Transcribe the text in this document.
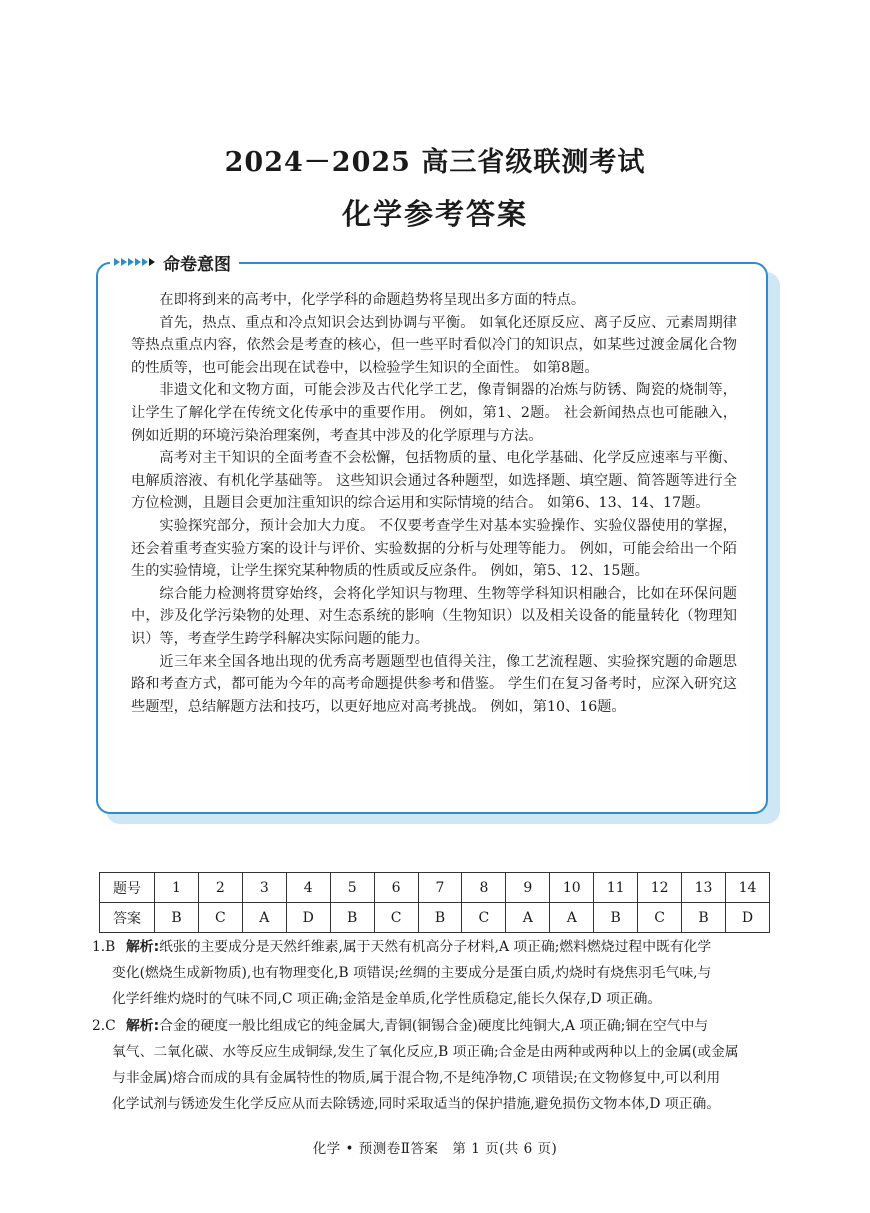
2024－2025 高三省级联测考试
化学参考答案
命卷意图

在即将到来的高考中，化学学科的命题趋势将呈现出多方面的特点。

首先，热点、重点和冷点知识会达到协调与平衡。 如氧化还原反应、离子反应、元素周期律等热点重点内容，依然会是考查的核心，但一些平时看似冷门的知识点，如某些过渡金属化合物的性质等，也可能会出现在试卷中，以检验学生知识的全面性。 如第8题。

非遗文化和文物方面，可能会涉及古代化学工艺，像青铜器的冶炼与防锈、陶瓷的烧制等，让学生了解化学在传统文化传承中的重要作用。 例如，第1、2题。 社会新闻热点也可能融入，例如近期的环境污染治理案例，考查其中涉及的化学原理与方法。

高考对主干知识的全面考查不会松懈，包括物质的量、电化学基础、化学反应速率与平衡、电解质溶液、有机化学基础等。 这些知识会通过各种题型，如选择题、填空题、简答题等进行全方位检测，且题目会更加注重知识的综合运用和实际情境的结合。 如第6、13、14、17题。

实验探究部分，预计会加大力度。 不仅要考查学生对基本实验操作、实验仪器使用的掌握，还会着重考查实验方案的设计与评价、实验数据的分析与处理等能力。 例如，可能会给出一个陌生的实验情境，让学生探究某种物质的性质或反应条件。 例如，第5、12、15题。

综合能力检测将贯穿始终，会将化学知识与物理、生物等学科知识相融合，比如在环保问题中，涉及化学污染物的处理、对生态系统的影响（生物知识）以及相关设备的能量转化（物理知识）等，考查学生跨学科解决实际问题的能力。

近三年来全国各地出现的优秀高考题题型也值得关注，像工艺流程题、实验探究题的命题思路和考查方式，都可能为今年的高考命题提供参考和借鉴。 学生们在复习备考时，应深入研究这些题型，总结解题方法和技巧，以更好地应对高考挑战。 例如，第10、16题。

题号	1	2	3	4	5	6	7	8	9	10	11	12	13	14
答案	B	C	A	D	B	C	B	C	A	A	B	C	B	D
1.B 解析:纸张的主要成分是天然纤维素,属于天然有机高分子材料,A 项正确;燃料燃烧过程中既有化学
变化(燃烧生成新物质),也有物理变化,B 项错误;丝绸的主要成分是蛋白质,灼烧时有烧焦羽毛气味,与
化学纤维灼烧时的气味不同,C 项正确;金箔是金单质,化学性质稳定,能长久保存,D 项正确。
2.C 解析:合金的硬度一般比组成它的纯金属大,青铜(铜锡合金)硬度比纯铜大,A 项正确;铜在空气中与
氧气、二氧化碳、水等反应生成铜绿,发生了氧化反应,B 项正确;合金是由两种或两种以上的金属(或金属
与非金属)熔合而成的具有金属特性的物质,属于混合物,不是纯净物,C 项错误;在文物修复中,可以利用
化学试剂与锈迹发生化学反应从而去除锈迹,同时采取适当的保护措施,避免损伤文物本体,D 项正确。
化学 • 预测卷Ⅱ答案　第 1 页(共 6 页)
